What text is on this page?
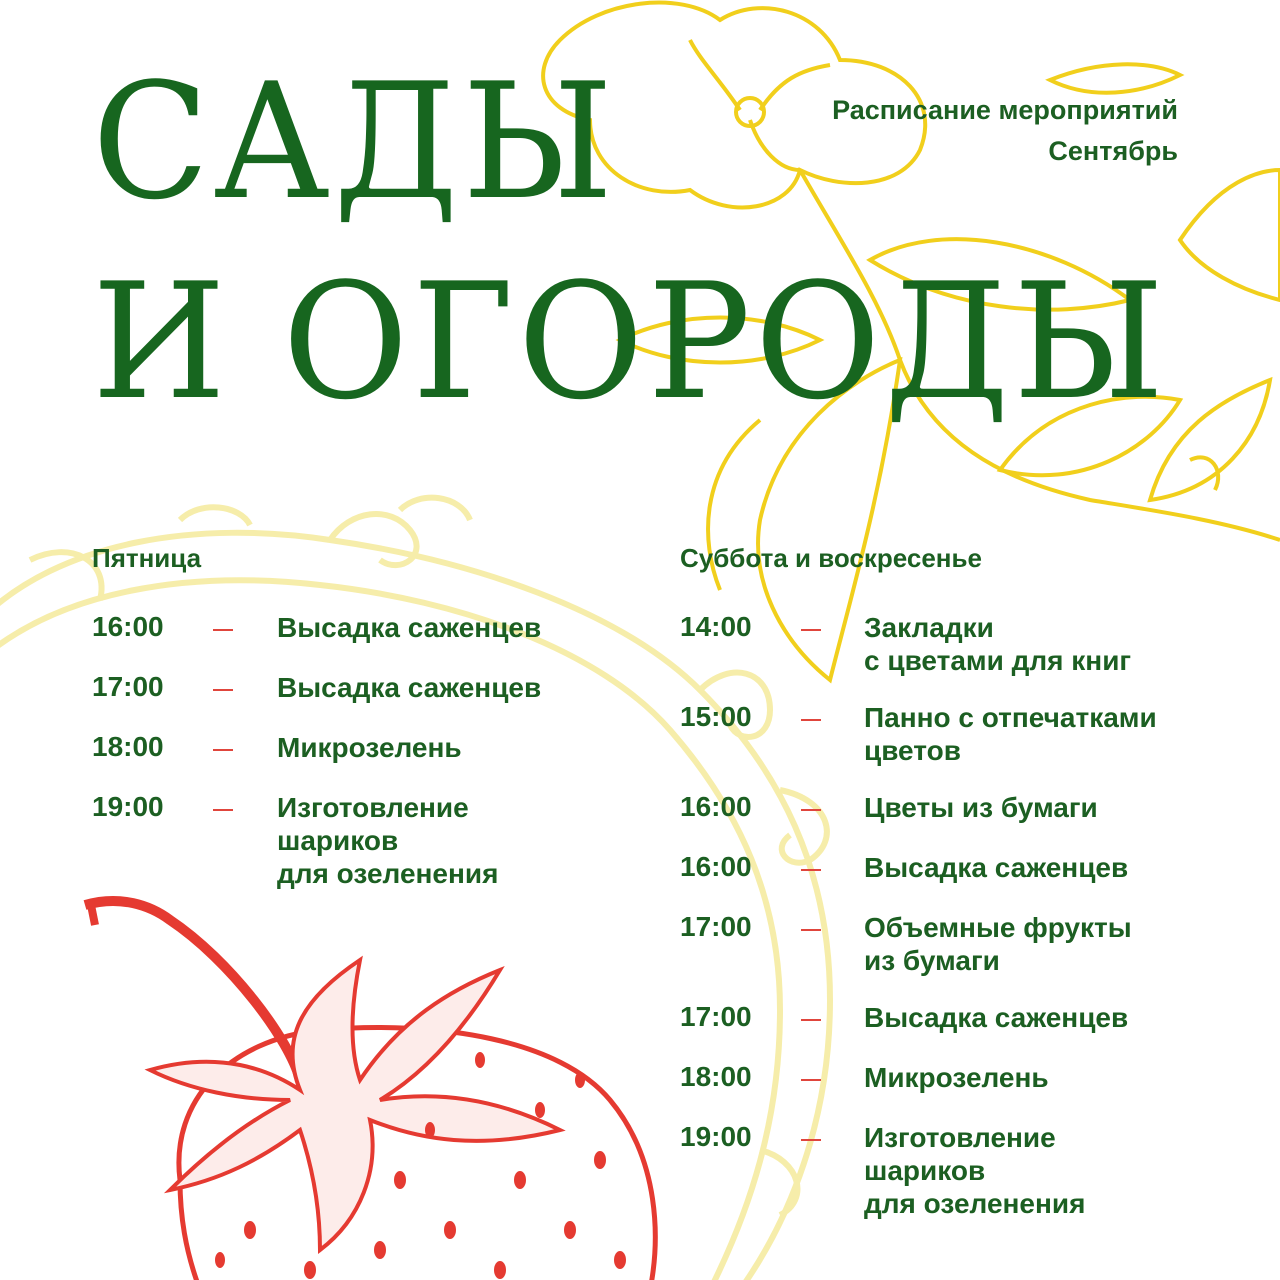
САДЫ
И ОГОРОДЫ
Расписание мероприятий
Сентябрь
Пятница
16:00	Высадка саженцев
17:00	Высадка саженцев
18:00	Микрозелень
19:00	Изготовление
шариков
для озеленения
Суббота и воскресенье
14:00	Закладки
с цветами для книг
15:00	Панно с отпечатками
цветов
16:00	Цветы из бумаги
16:00	Высадка саженцев
17:00	Объемные фрукты
из бумаги
17:00	Высадка саженцев
18:00	Микрозелень
19:00	Изготовление
шариков
для озеленения
